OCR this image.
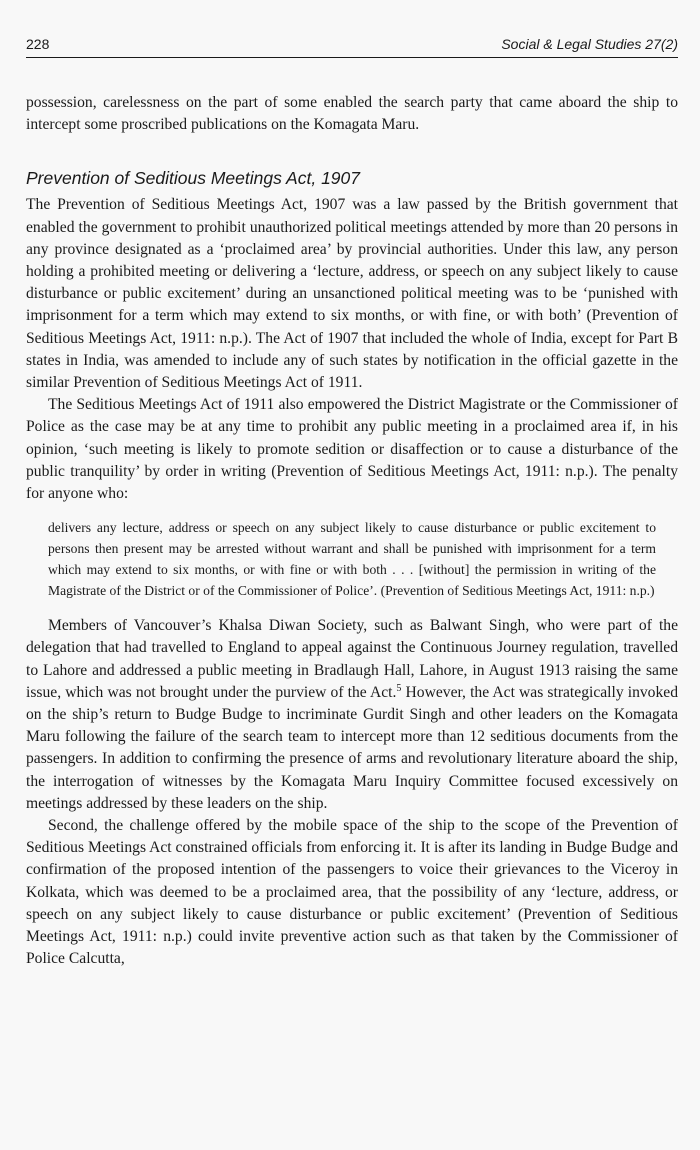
228	Social & Legal Studies 27(2)

possession, carelessness on the part of some enabled the search party that came aboard the ship to intercept some proscribed publications on the Komagata Maru.

Prevention of Seditious Meetings Act, 1907

The Prevention of Seditious Meetings Act, 1907 was a law passed by the British government that enabled the government to prohibit unauthorized political meetings attended by more than 20 persons in any province designated as a ‘proclaimed area’ by provincial authorities. Under this law, any person holding a prohibited meeting or delivering a ‘lecture, address, or speech on any subject likely to cause disturbance or public excitement’ during an unsanctioned political meeting was to be ‘punished with imprisonment for a term which may extend to six months, or with fine, or with both’ (Prevention of Seditious Meetings Act, 1911: n.p.). The Act of 1907 that included the whole of India, except for Part B states in India, was amended to include any of such states by notification in the official gazette in the similar Prevention of Seditious Meetings Act of 1911.

The Seditious Meetings Act of 1911 also empowered the District Magistrate or the Commissioner of Police as the case may be at any time to prohibit any public meeting in a proclaimed area if, in his opinion, ‘such meeting is likely to promote sedition or disaffection or to cause a disturbance of the public tranquility’ by order in writing (Prevention of Seditious Meetings Act, 1911: n.p.). The penalty for anyone who:

delivers any lecture, address or speech on any subject likely to cause disturbance or public excitement to persons then present may be arrested without warrant and shall be punished with imprisonment for a term which may extend to six months, or with fine or with both . . . [without] the permission in writing of the Magistrate of the District or of the Commissioner of Police’. (Prevention of Seditious Meetings Act, 1911: n.p.)

Members of Vancouver’s Khalsa Diwan Society, such as Balwant Singh, who were part of the delegation that had travelled to England to appeal against the Continuous Journey regulation, travelled to Lahore and addressed a public meeting in Bradlaugh Hall, Lahore, in August 1913 raising the same issue, which was not brought under the purview of the Act.$^5$ However, the Act was strategically invoked on the ship’s return to Budge Budge to incriminate Gurdit Singh and other leaders on the Komagata Maru following the failure of the search team to intercept more than 12 seditious documents from the passengers. In addition to confirming the presence of arms and revolutionary literature aboard the ship, the interrogation of witnesses by the Komagata Maru Inquiry Committee focused excessively on meetings addressed by these leaders on the ship.

Second, the challenge offered by the mobile space of the ship to the scope of the Prevention of Seditious Meetings Act constrained officials from enforcing it. It is after its landing in Budge Budge and confirmation of the proposed intention of the passengers to voice their grievances to the Viceroy in Kolkata, which was deemed to be a proclaimed area, that the possibility of any ‘lecture, address, or speech on any subject likely to cause disturbance or public excitement’ (Prevention of Seditious Meetings Act, 1911: n.p.) could invite preventive action such as that taken by the Commissioner of Police Calcutta,
